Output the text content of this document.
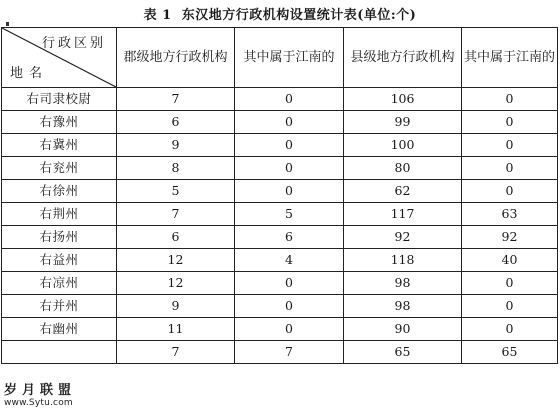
表 1 东汉地方行政机构设置统计表(单位:个)
行政区别
地名	郡级地方行政机构	其中属于江南的	县级地方行政机构	其中属于江南的
右司隶校尉	7	0	106	0
右豫州	6	0	99	0
右冀州	9	0	100	0
右兖州	8	0	80	0
右徐州	5	0	62	0
右荆州	7	5	117	63
右扬州	6	6	92	92
右益州	12	4	118	40
右凉州	12	0	98	0
右并州	9	0	98	0
右幽州	11	0	90	0
	7	7	65	65
岁月联盟
www.Sytu.com
